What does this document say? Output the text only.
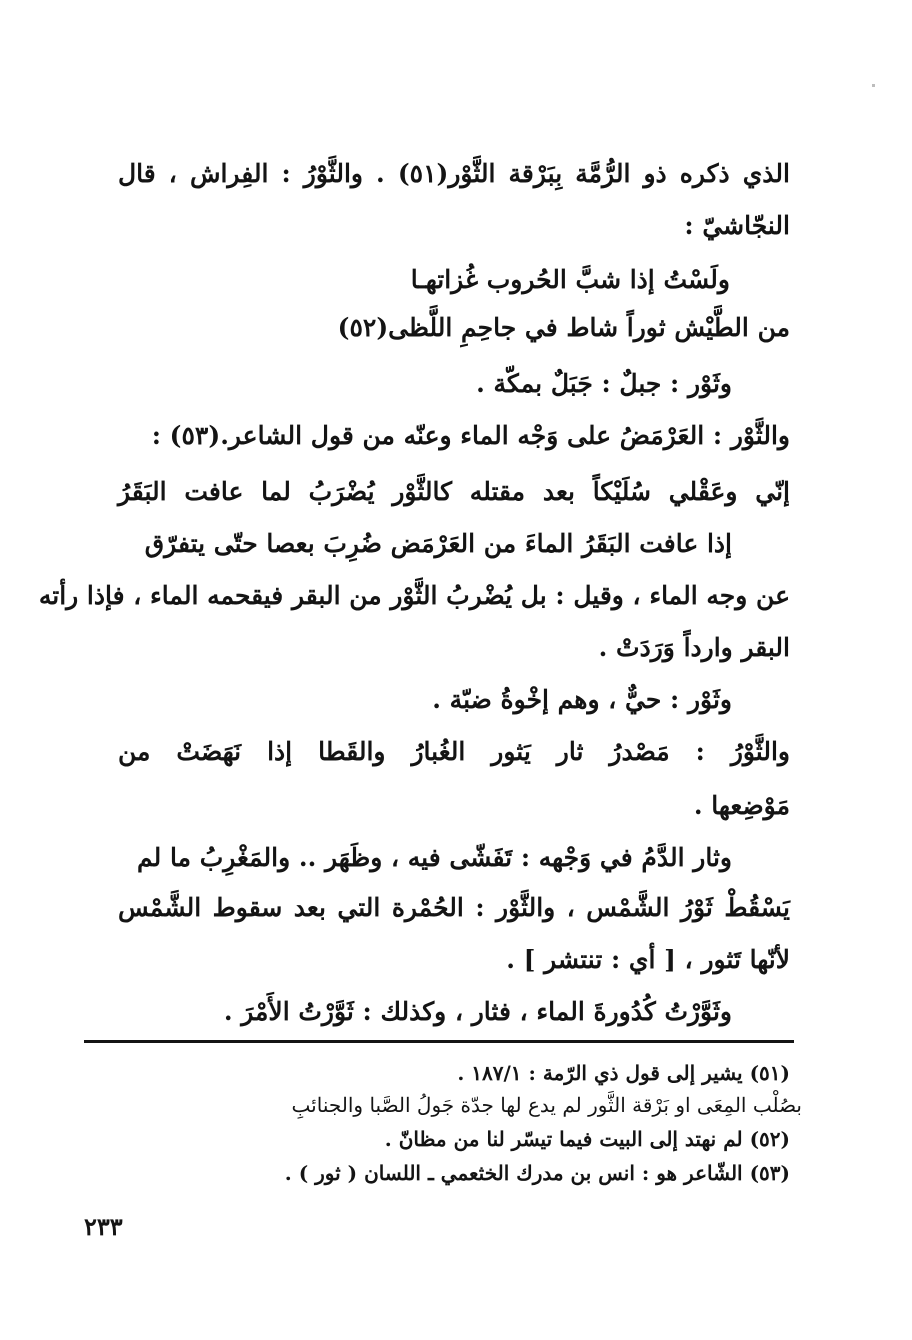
الذي ذكره ذو الرُّمَّة بِبَرْقة الثَّوْر(٥١) . والثَّوْرُ : الفِراش ، قال
النجّاشيّ :
ولَسْتُ إذا شبَّ الحُروب غُزاتهـا
من الطَّيْش ثوراً شاط في جاحِمِ اللَّظى(٥٢)
وثَوْر : جبلٌ : جَبَلٌ بمكّة .
والثَّوْر : العَرْمَضُ على وَجْه الماء وعنّه من قول الشاعر.(٥٣) :
إنّي وعَقْلي سُلَيْكاً بعد مقتله كالثَّوْر يُضْرَبُ لما عافت البَقَرُ
إذا عافت البَقَرُ الماءَ من العَرْمَض ضُرِبَ بعصا حتّى يتفرّق
عن وجه الماء ، وقيل : بل يُضْربُ الثَّوْر من البقر فيقحمه الماء ، فإذا رأته
البقر وارداً وَرَدَتْ .
وثَوْر : حيٌّ ، وهم إخْوةُ ضبّة .
والثَّوْرُ : مَصْدرُ ثار يَثور الغُبارُ والقَطا إذا نَهَضَتْ من
مَوْضِعها .
وثار الدَّمُ في وَجْهه : تَفَشّى فيه ، وظَهَر .. والمَغْرِبُ ما لم
يَسْقُطْ ثَوْرُ الشَّمْس ، والثَّوْر : الحُمْرة التي بعد سقوط الشَّمْس
لأنّها تَثور ، [ أي : تنتشر ] .
وثَوَّرْتُ كُدُورةَ الماء ، فثار ، وكذلك : ثَوَّرْتُ الأَمْرَ .
(٥١) يشير إلى قول ذي الرّمة : ١٨٧/١ .
بصُلْب المِعَى او بَرْقة الثَّور لم يدع لها جدّة جَولُ الصَّبا والجنائبِ
(٥٢) لم نهتد إلى البيت فيما تيسّر لنا من مظانّ .
(٥٣) الشّاعر هو : انس بن مدرك الخثعمي ـ اللسان ( ثور ) .
٢٣٣
